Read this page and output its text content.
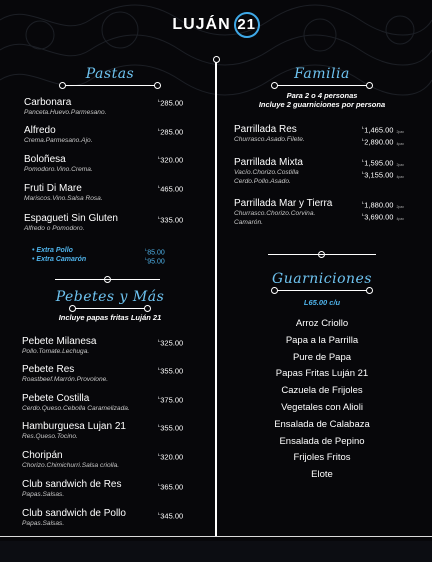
LUJÁN 21
Pastas
Carbonara
Panceta.Huevo.Parmesano.
$^L$285.00
Alfredo
Crema.Parmesano.Ajo.
$^L$285.00
Boloñesa
Pomodoro.Vino.Crema.
$^L$320.00
Fruti Di Mare
Mariscos.Vino.Salsa Rosa.
$^L$465.00
Espagueti Sin Gluten
Alfredo o Pomodoro.
$^L$335.00
• Extra Pollo	$^L$85.00
• Extra Camarón	$^L$95.00
Pebetes y Más
Incluye papas fritas Luján 21
Pebete Milanesa
Pollo.Tomate.Lechuga.
$^L$325.00
Pebete Res
Roastbeef.Marrón.Provolone.
$^L$355.00
Pebete Costilla
Cerdo.Queso.Cebolla Caramelizada.
$^L$375.00
Hamburguesa Lujan 21
Res.Queso.Tocino.
$^L$355.00
Choripán
Chorizo.Chimichurri.Salsa criolla.
$^L$320.00
Club sandwich de Res
Papas.Salsas.
$^L$365.00
Club sandwich de Pollo
Papas.Salsas.
$^L$345.00
Familia
Para 2 o 4 personas
Incluye 2 guarniciones por persona
Parrillada Res
Churrasco.Asado.Filete.
$^L$1,465.00 2pax
$^L$2,890.00 4pax
Parrillada Mixta
Vacío.Chorizo.Costilla
Cerdo.Pollo.Asado.
$^L$1,595.00 2pax
$^L$3,155.00 4pax
Parrillada Mar y Tierra
Churrasco.Chorizo.Corvina.
Camarón.
$^L$1,880.00 2pax
$^L$3,690.00 4pax
Guarniciones
L65.00 c/u
Arroz Criollo
Papa a la Parrilla
Pure de Papa
Papas Fritas Luján 21
Cazuela de Frijoles
Vegetales con Alioli
Ensalada de Calabaza
Ensalada de Pepino
Frijoles Fritos
Elote
